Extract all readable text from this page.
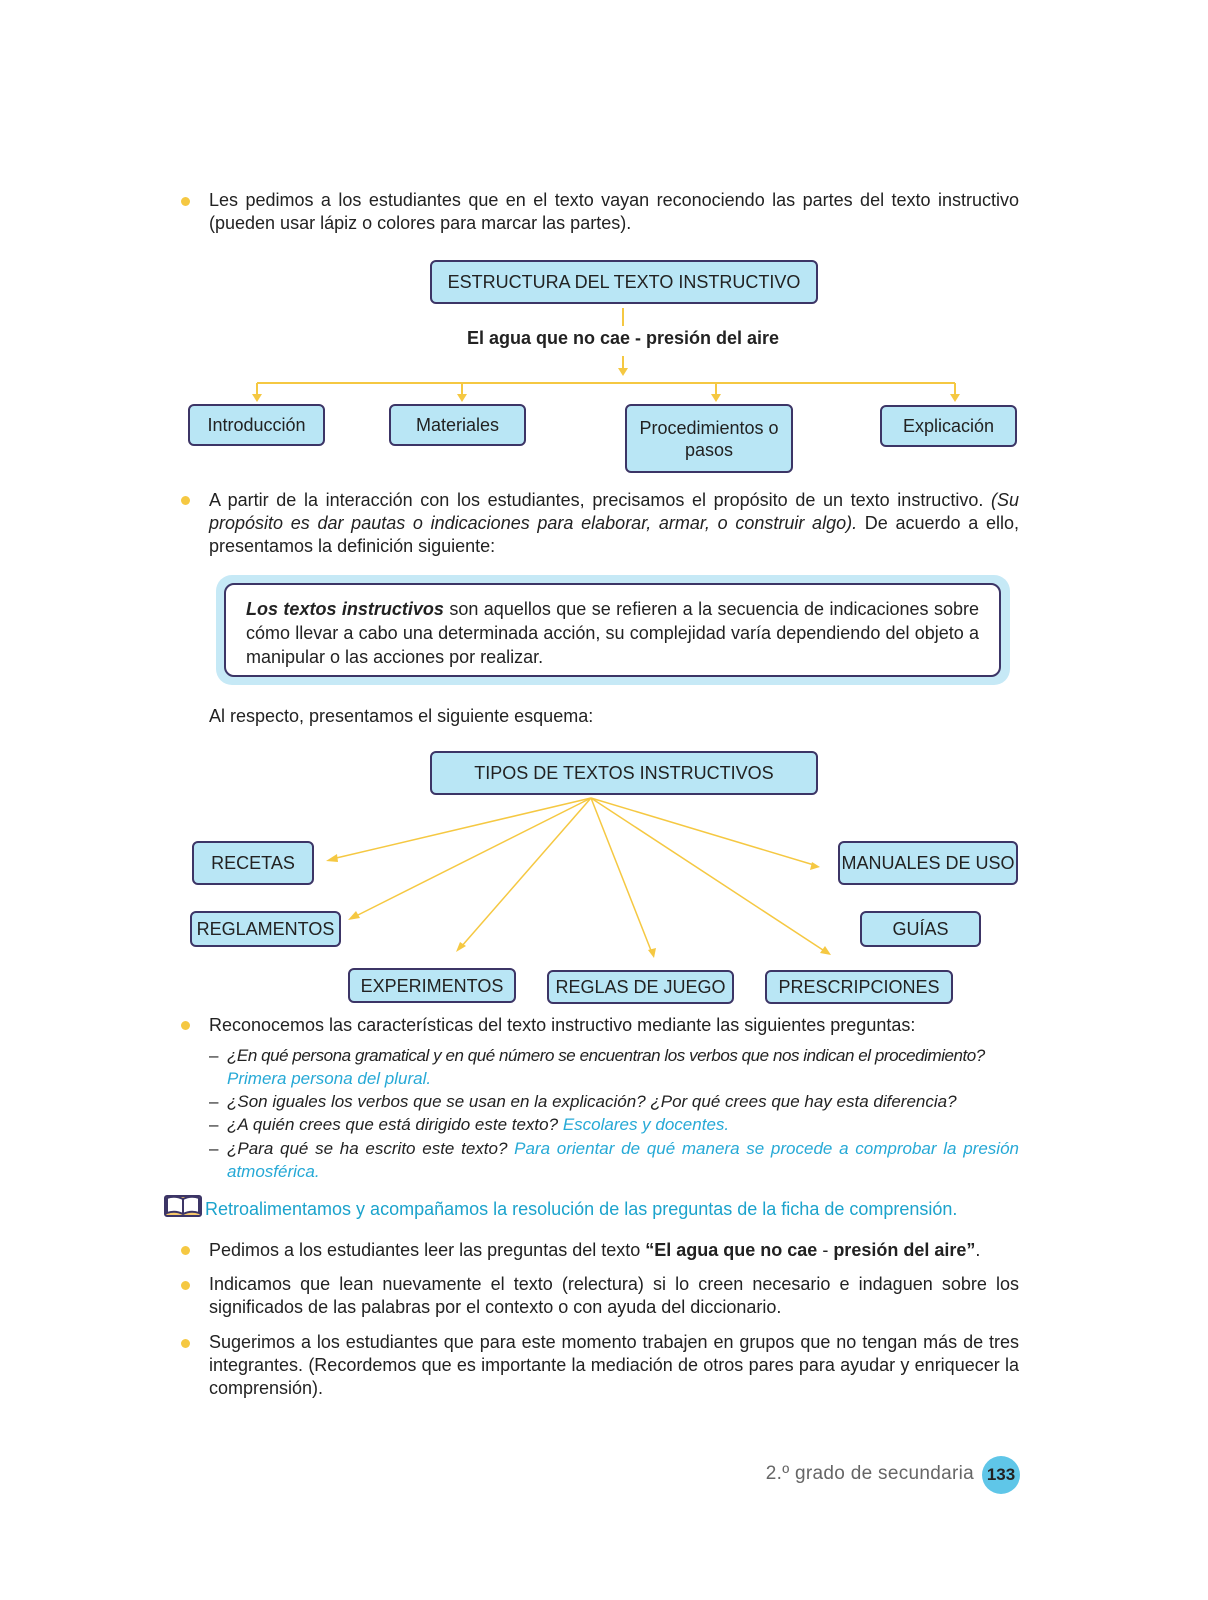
Les pedimos a los estudiantes que en el texto vayan reconociendo las partes del texto instructivo (pueden usar lápiz o colores para marcar las partes).
ESTRUCTURA DEL TEXTO INSTRUCTIVO
El agua que no cae - presión del aire
Introducción	Materiales	Procedimientos o pasos
Explicación
A partir de la interacción con los estudiantes, precisamos el propósito de un texto instructivo. (Su propósito es dar pautas o indicaciones para elaborar, armar, o construir algo). De acuerdo a ello, presentamos la definición siguiente:
Los textos instructivos son aquellos que se refieren a la secuencia de indicaciones sobre cómo llevar a cabo una determinada acción, su complejidad varía dependiendo del objeto a manipular o las acciones por realizar.
Al respecto, presentamos el siguiente esquema:
TIPOS DE TEXTOS INSTRUCTIVOS
RECETAS	MANUALES DE USO
REGLAMENTOS	GUÍAS
EXPERIMENTOS	REGLAS DE JUEGO	PRESCRIPCIONES
Reconocemos las características del texto instructivo mediante las siguientes preguntas:
– ¿En qué persona gramatical y en qué número se encuentran los verbos que nos indican el procedimiento?
Primera persona del plural.
– ¿Son iguales los verbos que se usan en la explicación? ¿Por qué crees que hay esta diferencia?
– ¿A quién crees que está dirigido este texto? Escolares y docentes.
– ¿Para qué se ha escrito este texto? Para orientar de qué manera se procede a comprobar la presión atmosférica.
Retroalimentamos y acompañamos la resolución de las preguntas de la ficha de comprensión.
Pedimos a los estudiantes leer las preguntas del texto “El agua que no cae - presión del aire”.
Indicamos que lean nuevamente el texto (relectura) si lo creen necesario e indaguen sobre los significados de las palabras por el contexto o con ayuda del diccionario.
Sugerimos a los estudiantes que para este momento trabajen en grupos que no tengan más de tres integrantes. (Recordemos que es importante la mediación de otros pares para ayudar y enriquecer la comprensión).
2.º grado de secundaria 133
